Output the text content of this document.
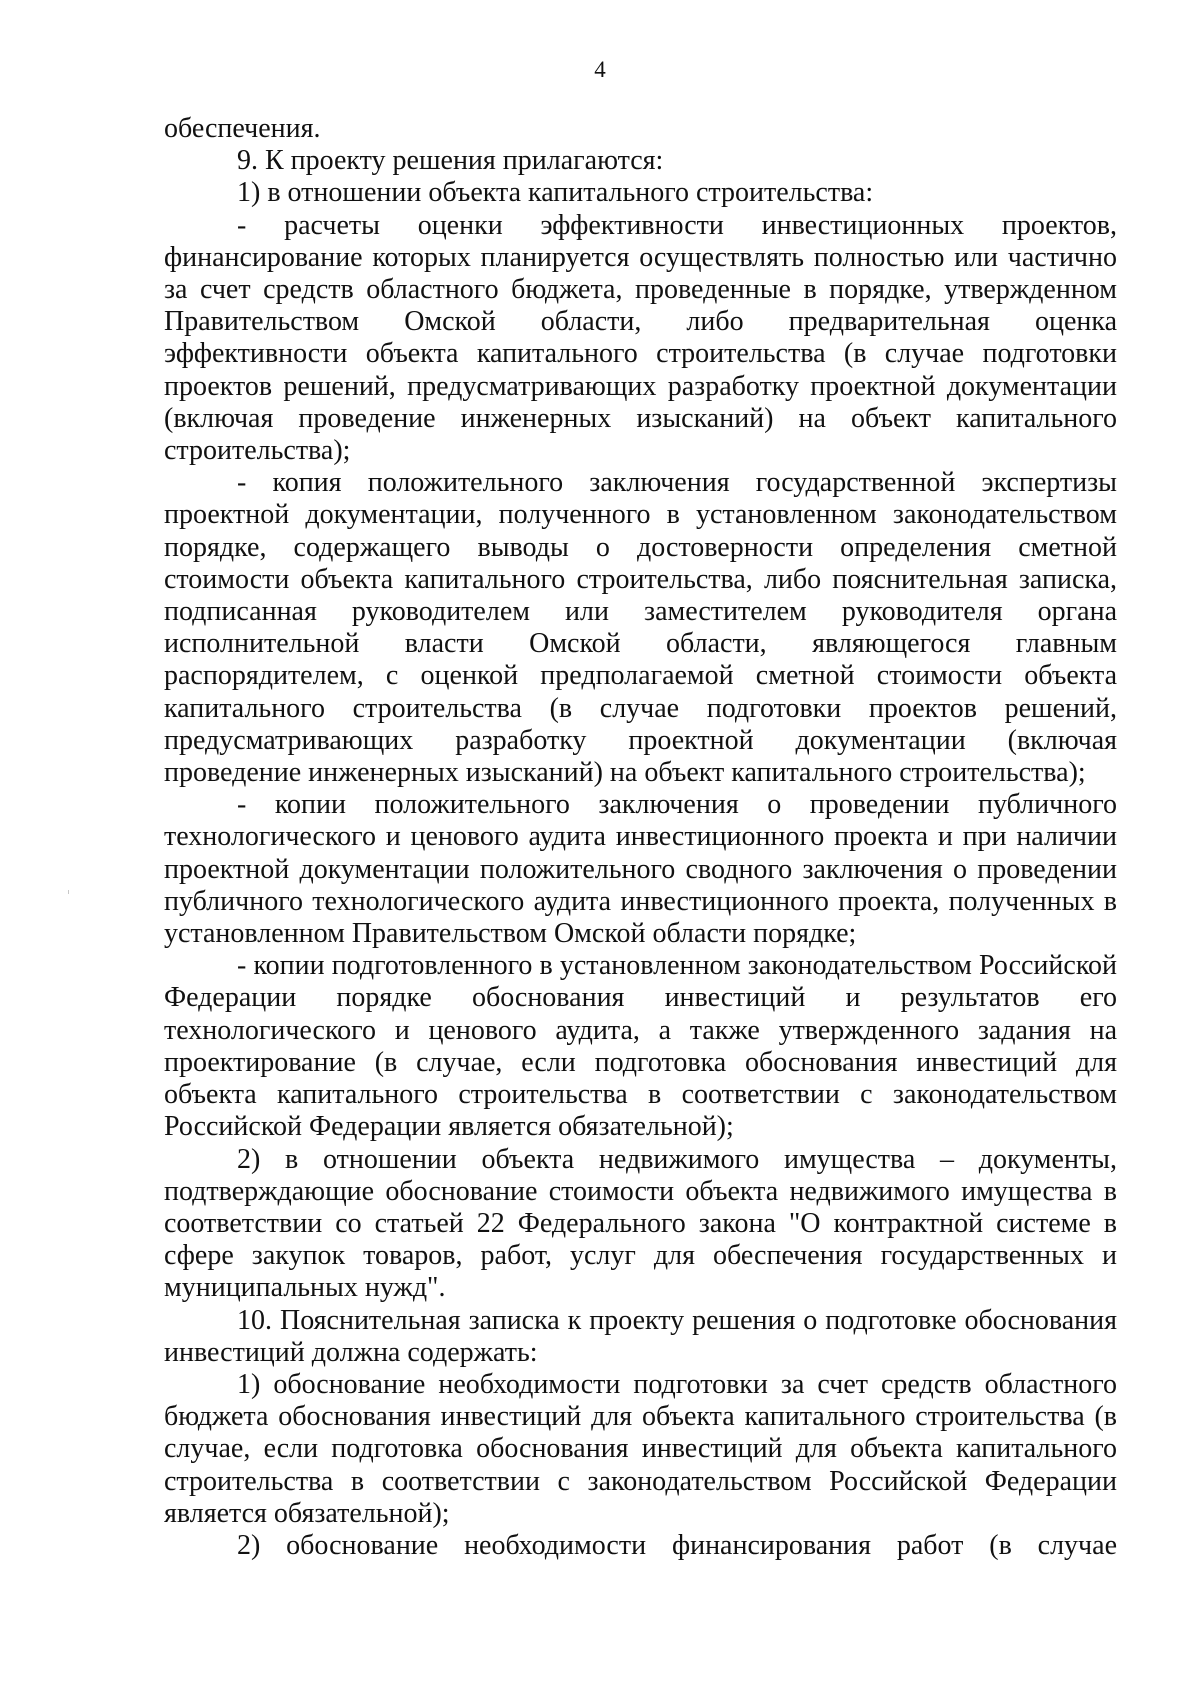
4

обеспечения.

9. К проекту решения прилагаются:

1) в отношении объекта капитального строительства:

- расчеты оценки эффективности инвестиционных проектов, финансирование которых планируется осуществлять полностью или частично за счет средств областного бюджета, проведенные в порядке, утвержденном Правительством Омской области, либо предварительная оценка эффективности объекта капитального строительства (в случае подготовки проектов решений, предусматривающих разработку проектной документации (включая проведение инженерных изысканий) на объект капитального строительства);

- копия положительного заключения государственной экспертизы проектной документации, полученного в установленном законодательством порядке, содержащего выводы о достоверности определения сметной стоимости объекта капитального строительства, либо пояснительная записка, подписанная руководителем или заместителем руководителя органа исполнительной власти Омской области, являющегося главным распорядителем, с оценкой предполагаемой сметной стоимости объекта капитального строительства (в случае подготовки проектов решений, предусматривающих разработку проектной документации (включая проведение инженерных изысканий) на объект капитального строительства);

- копии положительного заключения о проведении публичного технологического и ценового аудита инвестиционного проекта и при наличии проектной документации положительного сводного заключения о проведении публичного технологического аудита инвестиционного проекта, полученных в установленном Правительством Омской области порядке;

- копии подготовленного в установленном законодательством Российской Федерации порядке обоснования инвестиций и результатов его технологического и ценового аудита, а также утвержденного задания на проектирование (в случае, если подготовка обоснования инвестиций для объекта капитального строительства в соответствии с законодательством Российской Федерации является обязательной);

2) в отношении объекта недвижимого имущества – документы, подтверждающие обоснование стоимости объекта недвижимого имущества в соответствии со статьей 22 Федерального закона "О контрактной системе в сфере закупок товаров, работ, услуг для обеспечения государственных и муниципальных нужд".

10. Пояснительная записка к проекту решения о подготовке обоснования инвестиций должна содержать:

1) обоснование необходимости подготовки за счет средств областного бюджета обоснования инвестиций для объекта капитального строительства (в случае, если подготовка обоснования инвестиций для объекта капитального строительства в соответствии с законодательством Российской Федерации является обязательной);

2) обоснование необходимости финансирования работ (в случае
